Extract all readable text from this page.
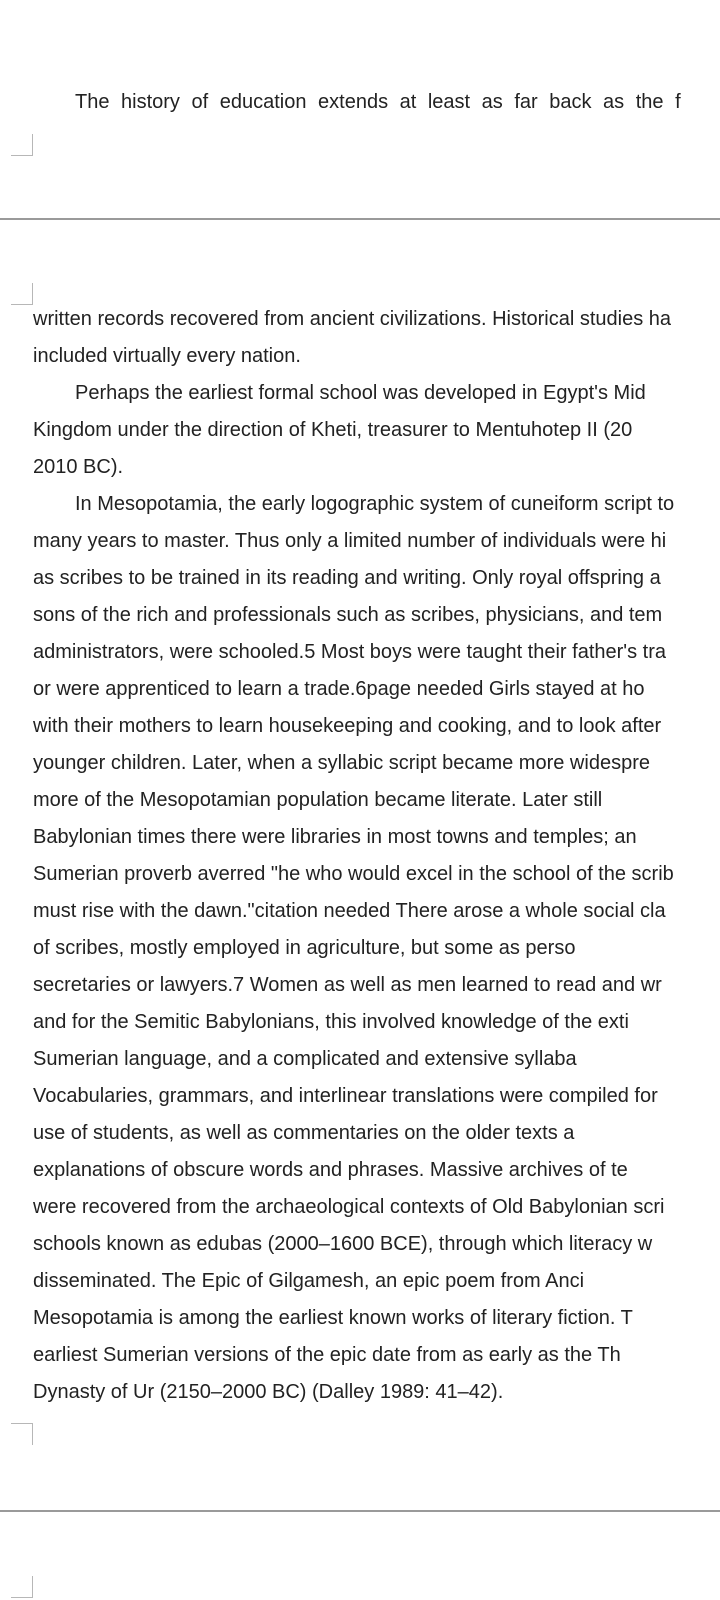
The history of education extends at least as far back as the f
written records recovered from ancient civilizations. Historical studies ha
included virtually every nation.
Perhaps the earliest formal school was developed in Egypt's Mid
Kingdom under the direction of Kheti, treasurer to Mentuhotep II (20
2010 BC).
In Mesopotamia, the early logographic system of cuneiform script to
many years to master. Thus only a limited number of individuals were hi
as scribes to be trained in its reading and writing. Only royal offspring a
sons of the rich and professionals such as scribes, physicians, and tem
administrators, were schooled.5 Most boys were taught their father's tra
or were apprenticed to learn a trade.6page needed Girls stayed at ho
with their mothers to learn housekeeping and cooking, and to look after
younger children. Later, when a syllabic script became more widespre
more of the Mesopotamian population became literate. Later still
Babylonian times there were libraries in most towns and temples; an
Sumerian proverb averred "he who would excel in the school of the scrib
must rise with the dawn."citation needed There arose a whole social cla
of scribes, mostly employed in agriculture, but some as perso
secretaries or lawyers.7 Women as well as men learned to read and wr
and for the Semitic Babylonians, this involved knowledge of the exti
Sumerian language, and a complicated and extensive syllaba
Vocabularies, grammars, and interlinear translations were compiled for
use of students, as well as commentaries on the older texts a
explanations of obscure words and phrases. Massive archives of te
were recovered from the archaeological contexts of Old Babylonian scri
schools known as edubas (2000–1600 BCE), through which literacy w
disseminated. The Epic of Gilgamesh, an epic poem from Anci
Mesopotamia is among the earliest known works of literary fiction. T
earliest Sumerian versions of the epic date from as early as the Th
Dynasty of Ur (2150–2000 BC) (Dalley 1989: 41–42).
